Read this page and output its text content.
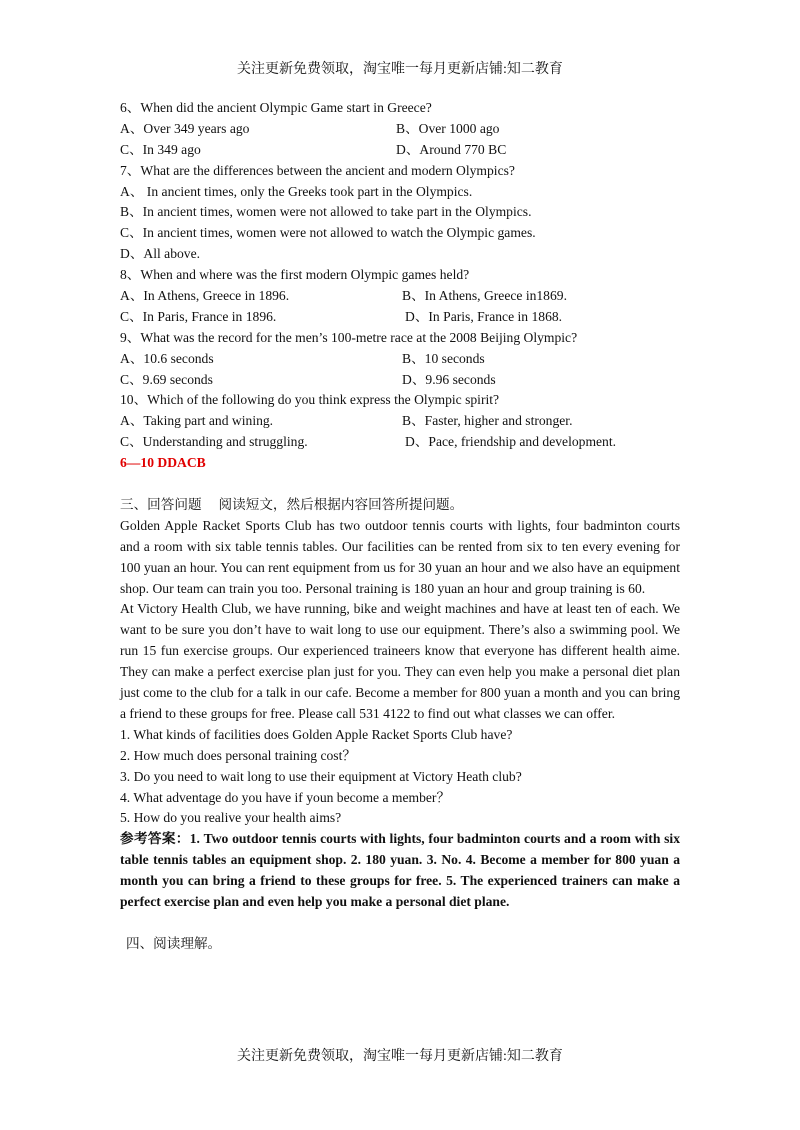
关注更新免费领取，淘宝唯一每月更新店铺:知二教育
6、When did the ancient Olympic Game start in Greece?
A、Over 349 years ago	B、Over 1000 ago
C、In 349 ago	D、Around 770 BC
7、What are the differences between the ancient and modern Olympics?
A、 In ancient times, only the Greeks took part in the Olympics.
B、In ancient times, women were not allowed to take part in the Olympics.
C、In ancient times, women were not allowed to watch the Olympic games.
D、All above.
8、When and where was the first modern Olympic games held?
A、In Athens, Greece in 1896.	B、In Athens, Greece in1869.
C、In Paris, France in 1896.	D、In Paris, France in 1868.
9、What was the record for the men’s 100-metre race at the 2008 Beijing Olympic?
A、10.6 seconds	B、10 seconds
C、9.69 seconds	D、9.96 seconds
10、Which of the following do you think express the Olympic spirit?
A、Taking part and wining.	B、Faster, higher and stronger.
C、Understanding and struggling.	D、Pace, friendship and development.
6—10 DDACB
三、回答问题　 阅读短文，然后根据内容回答所提问题。
Golden Apple Racket Sports Club has two outdoor tennis courts with lights, four badminton courts and a room with six table tennis tables. Our facilities can be rented from six to ten every evening for 100 yuan an hour. You can rent equipment from us for 30 yuan an hour and we also have an equipment shop. Our team can train you too. Personal training is 180 yuan an hour and group training is 60.
At Victory Health Club, we have running, bike and weight machines and have at least ten of each. We want to be sure you don’t have to wait long to use our equipment. There’s also a swimming pool. We run 15 fun exercise groups. Our experienced traineers know that everyone has different health aime. They can make a perfect exercise plan just for you. They can even help you make a personal diet plan just come to the club for a talk in our cafe. Become a member for 800 yuan a month and you can bring a friend to these groups for free. Please call 531 4122 to find out what classes we can offer.
1. What kinds of facilities does Golden Apple Racket Sports Club have?
2. How much does personal training cost？
3. Do you need to wait long to use their equipment at Victory Heath club?
4. What adventage do you have if youn become a member？
5. How do you realive your health aims?
参考答案：1. Two outdoor tennis courts with lights, four badminton courts and a room with six table tennis tables an equipment shop. 2. 180 yuan. 3. No. 4. Become a member for 800 yuan a month you can bring a friend to these groups for free. 5. The experienced trainers can make a perfect exercise plan and even help you make a personal diet plane.
四、阅读理解。
关注更新免费领取，淘宝唯一每月更新店铺:知二教育
